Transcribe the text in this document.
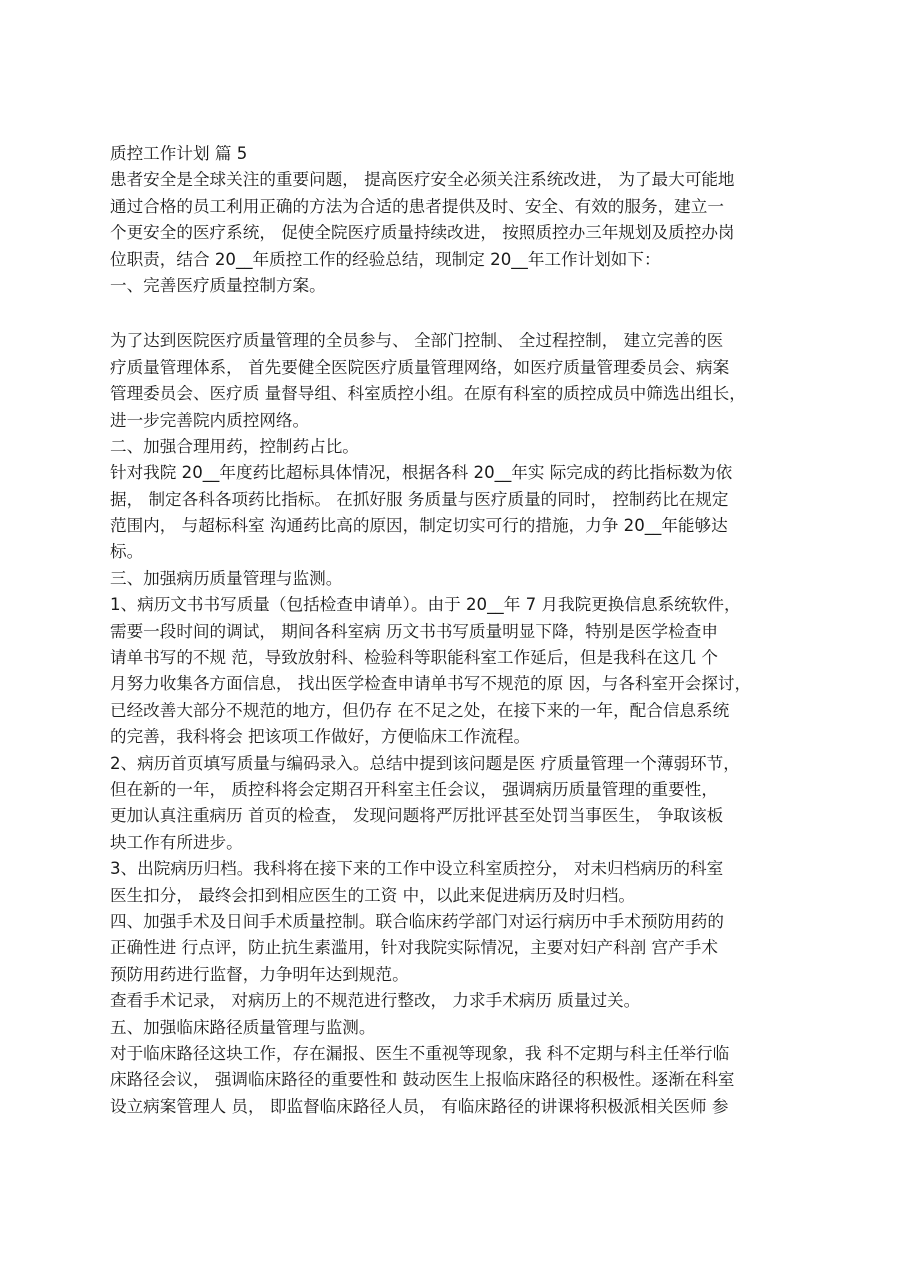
质控工作计划 篇 5
患者安全是全球关注的重要问题， 提高医疗安全必须关注系统改进， 为了最大可能地
通过合格的员工利用正确的方法为合适的患者提供及时、安全、有效的服务，建立一
个更安全的医疗系统， 促使全院医疗质量持续改进， 按照质控办三年规划及质控办岗
位职责，结合 20__年质控工作的经验总结，现制定 20__年工作计划如下：
一、完善医疗质量控制方案。
为了达到医院医疗质量管理的全员参与、 全部门控制、 全过程控制， 建立完善的医
疗质量管理体系， 首先要健全医院医疗质量管理网络，如医疗质量管理委员会、病案
管理委员会、医疗质 量督导组、科室质控小组。在原有科室的质控成员中筛选出组长，
进一步完善院内质控网络。
二、加强合理用药，控制药占比。
针对我院 20__年度药比超标具体情况，根据各科 20__年实 际完成的药比指标数为依
据， 制定各科各项药比指标。 在抓好服 务质量与医疗质量的同时， 控制药比在规定
范围内， 与超标科室 沟通药比高的原因，制定切实可行的措施，力争 20__年能够达
标。
三、加强病历质量管理与监测。
1、病历文书书写质量（包括检查申请单）。由于 20__年 7 月我院更换信息系统软件，
需要一段时间的调试， 期间各科室病 历文书书写质量明显下降，特别是医学检查申
请单书写的不规 范，导致放射科、检验科等职能科室工作延后，但是我科在这几 个
月努力收集各方面信息， 找出医学检查申请单书写不规范的原 因，与各科室开会探讨，
已经改善大部分不规范的地方，但仍存 在不足之处，在接下来的一年，配合信息系统
的完善，我科将会 把该项工作做好，方便临床工作流程。
2、病历首页填写质量与编码录入。总结中提到该问题是医 疗质量管理一个薄弱环节，
但在新的一年， 质控科将会定期召开科室主任会议， 强调病历质量管理的重要性，
更加认真注重病历 首页的检查， 发现问题将严厉批评甚至处罚当事医生， 争取该板
块工作有所进步。
3、出院病历归档。我科将在接下来的工作中设立科室质控分， 对未归档病历的科室
医生扣分， 最终会扣到相应医生的工资 中，以此来促进病历及时归档。
四、加强手术及日间手术质量控制。联合临床药学部门对运行病历中手术预防用药的
正确性进 行点评，防止抗生素滥用，针对我院实际情况，主要对妇产科剖 宫产手术
预防用药进行监督，力争明年达到规范。
查看手术记录， 对病历上的不规范进行整改， 力求手术病历 质量过关。
五、加强临床路径质量管理与监测。
对于临床路径这块工作，存在漏报、医生不重视等现象，我 科不定期与科主任举行临
床路径会议， 强调临床路径的重要性和 鼓动医生上报临床路径的积极性。逐渐在科室
设立病案管理人 员， 即监督临床路径人员， 有临床路径的讲课将积极派相关医师 参
